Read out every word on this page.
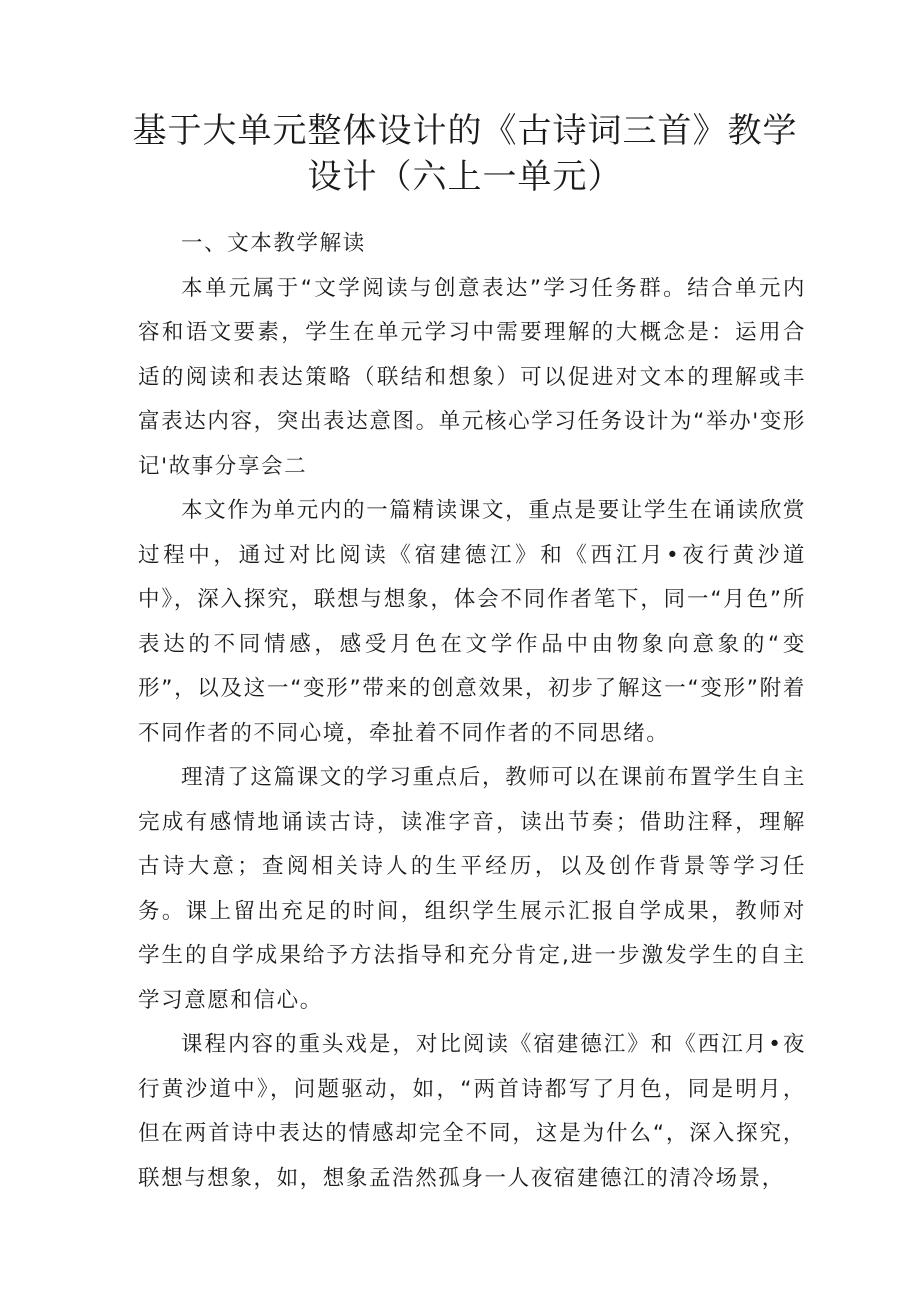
基于大单元整体设计的《古诗词三首》教学设计（六上一单元）

一、文本教学解读

本单元属于“文学阅读与创意表达”学习任务群。结合单元内容和语文要素，学生在单元学习中需要理解的大概念是：运用合适的阅读和表达策略（联结和想象）可以促进对文本的理解或丰富表达内容，突出表达意图。单元核心学习任务设计为“举办'变形记'故事分享会二

本文作为单元内的一篇精读课文，重点是要让学生在诵读欣赏过程中，通过对比阅读《宿建德江》和《西江月•夜行黄沙道中》，深入探究，联想与想象，体会不同作者笔下，同一“月色”所表达的不同情感，感受月色在文学作品中由物象向意象的“变形”，以及这一“变形”带来的创意效果，初步了解这一“变形”附着不同作者的不同心境，牵扯着不同作者的不同思绪。

理清了这篇课文的学习重点后，教师可以在课前布置学生自主完成有感情地诵读古诗，读准字音，读出节奏；借助注释，理解古诗大意；查阅相关诗人的生平经历，以及创作背景等学习任务。课上留出充足的时间，组织学生展示汇报自学成果，教师对学生的自学成果给予方法指导和充分肯定,进一步激发学生的自主学习意愿和信心。

课程内容的重头戏是，对比阅读《宿建德江》和《西江月•夜行黄沙道中》，问题驱动，如，“两首诗都写了月色，同是明月，但在两首诗中表达的情感却完全不同，这是为什么“，深入探究，联想与想象，如，想象孟浩然孤身一人夜宿建德江的清冷场景，
